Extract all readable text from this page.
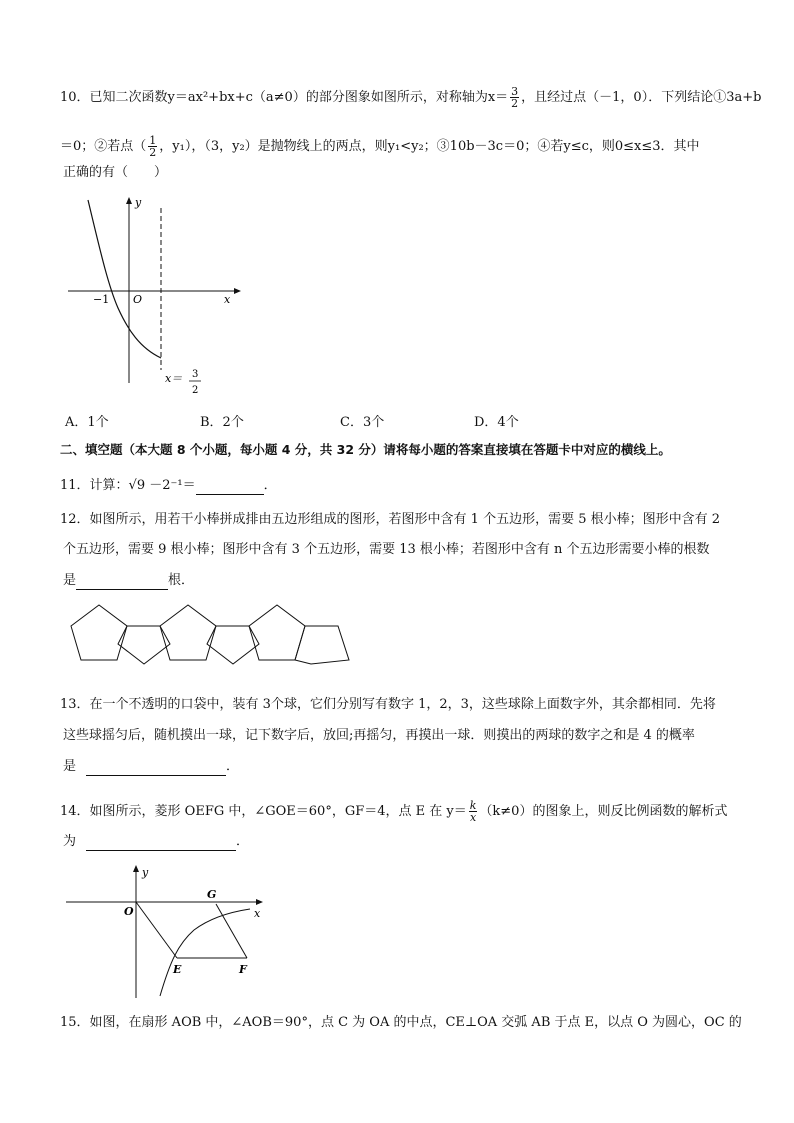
10．已知二次函数y＝ax²+bx+c（a≠0）的部分图象如图所示，对称轴为$x= \frac{3}{2}$ ，且经过点（－1，0）．下列结论①3a+b
＝0；②若点（ $\frac{1}{2}$ ，y₁），（3，y₂）是抛物线上的两点，则y₁<y₂；③10b－3c＝0；④若y≤c，则0≤x≤3．其中
正确的有（　　）
y
x
O
−1
x＝ 3
2
A．1个	B．2个	C．3个	D．4个
二、填空题（本大题 8 个小题，每小题 4 分，共 32 分）请将每小题的答案直接填在答题卡中对应的横线上。
11．计算：√9 －2⁻¹＝	．
12．如图所示，用若干小棒拼成排由五边形组成的图形，若图形中含有 1 个五边形，需要 5 根小棒；图形中含有 2
个五边形，需要 9 根小棒；图形中含有 3 个五边形，需要 13 根小棒；若图形中含有 n 个五边形需要小棒的根数
是	根．
13．在一个不透明的口袋中，装有 3个球，它们分别写有数字 1，2，3，这些球除上面数字外，其余都相同．先将
这些球摇匀后，随机摸出一球，记下数字后，放回;再摇匀，再摸出一球．则摸出的两球的数字之和是 4 的概率
是	．
14．如图所示，菱形 OEFG 中，∠GOE＝60°，GF＝4，点 E 在 $y= \frac{k}{x} (k\ne 0)$的图象上，则反比例函数的解析式
为	．
y
x
O
G
E	F
15．如图，在扇形 AOB 中，∠AOB＝90°，点 C 为 OA 的中点，CE⊥OA 交弧 AB 于点 E，以点 O 为圆心，OC 的
